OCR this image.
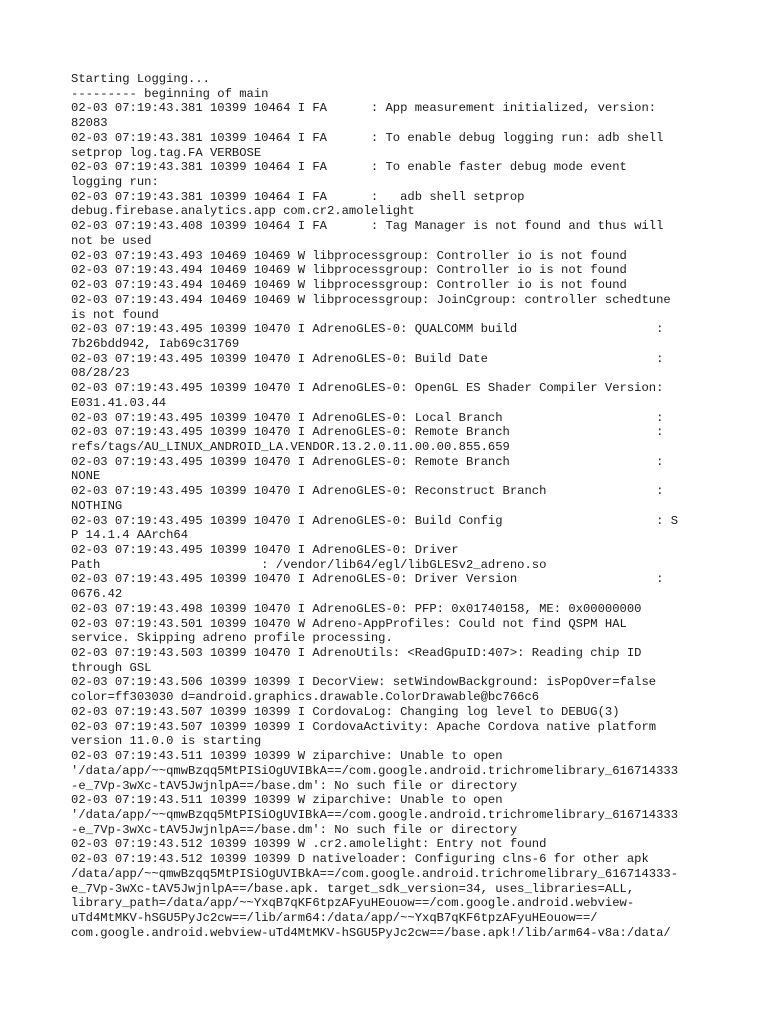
Starting Logging...
--------- beginning of main
02-03 07:19:43.381 10399 10464 I FA      : App measurement initialized, version:
82083
02-03 07:19:43.381 10399 10464 I FA      : To enable debug logging run: adb shell
setprop log.tag.FA VERBOSE
02-03 07:19:43.381 10399 10464 I FA      : To enable faster debug mode event
logging run:
02-03 07:19:43.381 10399 10464 I FA      :   adb shell setprop
debug.firebase.analytics.app com.cr2.amolelight
02-03 07:19:43.408 10399 10464 I FA      : Tag Manager is not found and thus will
not be used
02-03 07:19:43.493 10469 10469 W libprocessgroup: Controller io is not found
02-03 07:19:43.494 10469 10469 W libprocessgroup: Controller io is not found
02-03 07:19:43.494 10469 10469 W libprocessgroup: Controller io is not found
02-03 07:19:43.494 10469 10469 W libprocessgroup: JoinCgroup: controller schedtune
is not found
02-03 07:19:43.495 10399 10470 I AdrenoGLES-0: QUALCOMM build                   :
7b26bdd942, Iab69c31769
02-03 07:19:43.495 10399 10470 I AdrenoGLES-0: Build Date                       :
08/28/23
02-03 07:19:43.495 10399 10470 I AdrenoGLES-0: OpenGL ES Shader Compiler Version:
E031.41.03.44
02-03 07:19:43.495 10399 10470 I AdrenoGLES-0: Local Branch                     :
02-03 07:19:43.495 10399 10470 I AdrenoGLES-0: Remote Branch                    :
refs/tags/AU_LINUX_ANDROID_LA.VENDOR.13.2.0.11.00.00.855.659
02-03 07:19:43.495 10399 10470 I AdrenoGLES-0: Remote Branch                    :
NONE
02-03 07:19:43.495 10399 10470 I AdrenoGLES-0: Reconstruct Branch               :
NOTHING
02-03 07:19:43.495 10399 10470 I AdrenoGLES-0: Build Config                     : S
P 14.1.4 AArch64
02-03 07:19:43.495 10399 10470 I AdrenoGLES-0: Driver
Path                      : /vendor/lib64/egl/libGLESv2_adreno.so
02-03 07:19:43.495 10399 10470 I AdrenoGLES-0: Driver Version                   :
0676.42
02-03 07:19:43.498 10399 10470 I AdrenoGLES-0: PFP: 0x01740158, ME: 0x00000000
02-03 07:19:43.501 10399 10470 W Adreno-AppProfiles: Could not find QSPM HAL
service. Skipping adreno profile processing.
02-03 07:19:43.503 10399 10470 I AdrenoUtils: <ReadGpuID:407>: Reading chip ID
through GSL
02-03 07:19:43.506 10399 10399 I DecorView: setWindowBackground: isPopOver=false
color=ff303030 d=android.graphics.drawable.ColorDrawable@bc766c6
02-03 07:19:43.507 10399 10399 I CordovaLog: Changing log level to DEBUG(3)
02-03 07:19:43.507 10399 10399 I CordovaActivity: Apache Cordova native platform
version 11.0.0 is starting
02-03 07:19:43.511 10399 10399 W ziparchive: Unable to open
'/data/app/~~qmwBzqq5MtPISiOgUVIBkA==/com.google.android.trichromelibrary_616714333
-e_7Vp-3wXc-tAV5JwjnlpA==/base.dm': No such file or directory
02-03 07:19:43.511 10399 10399 W ziparchive: Unable to open
'/data/app/~~qmwBzqq5MtPISiOgUVIBkA==/com.google.android.trichromelibrary_616714333
-e_7Vp-3wXc-tAV5JwjnlpA==/base.dm': No such file or directory
02-03 07:19:43.512 10399 10399 W .cr2.amolelight: Entry not found
02-03 07:19:43.512 10399 10399 D nativeloader: Configuring clns-6 for other apk
/data/app/~~qmwBzqq5MtPISiOgUVIBkA==/com.google.android.trichromelibrary_616714333-
e_7Vp-3wXc-tAV5JwjnlpA==/base.apk. target_sdk_version=34, uses_libraries=ALL,
library_path=/data/app/~~YxqB7qKF6tpzAFyuHEouow==/com.google.android.webview-
uTd4MtMKV-hSGU5PyJc2cw==/lib/arm64:/data/app/~~YxqB7qKF6tpzAFyuHEouow==/
com.google.android.webview-uTd4MtMKV-hSGU5PyJc2cw==/base.apk!/lib/arm64-v8a:/data/
